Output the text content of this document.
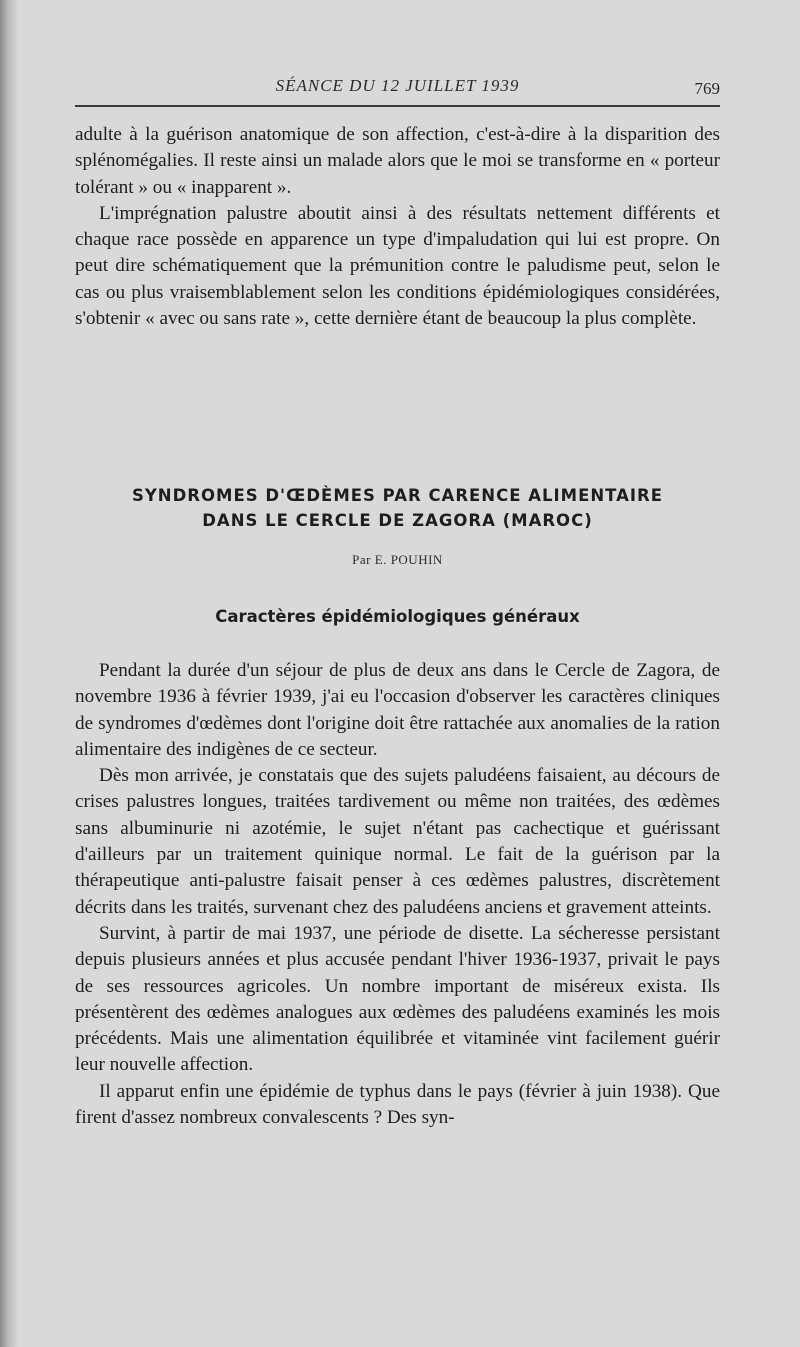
SÉANCE DU 12 JUILLET 1939	769

adulte à la guérison anatomique de son affection, c'est-à-dire à la disparition des splénomégalies. Il reste ainsi un malade alors que le moi se transforme en « porteur tolérant » ou « inapparent ».

L'imprégnation palustre aboutit ainsi à des résultats nettement différents et chaque race possède en apparence un type d'impaludation qui lui est propre. On peut dire schématiquement que la prémunition contre le paludisme peut, selon le cas ou plus vraisemblablement selon les conditions épidémiologiques considérées, s'obtenir « avec ou sans rate », cette dernière étant de beaucoup la plus complète.

SYNDROMES D'ŒDÈMES PAR CARENCE ALIMENTAIRE
DANS LE CERCLE DE ZAGORA (MAROC)
Par E. POUHIN
Caractères épidémiologiques généraux

Pendant la durée d'un séjour de plus de deux ans dans le Cercle de Zagora, de novembre 1936 à février 1939, j'ai eu l'occasion d'observer les caractères cliniques de syndromes d'œdèmes dont l'origine doit être rattachée aux anomalies de la ration alimentaire des indigènes de ce secteur.

Dès mon arrivée, je constatais que des sujets paludéens faisaient, au décours de crises palustres longues, traitées tardivement ou même non traitées, des œdèmes sans albuminurie ni azotémie, le sujet n'étant pas cachectique et guérissant d'ailleurs par un traitement quinique normal. Le fait de la guérison par la thérapeutique anti-palustre faisait penser à ces œdèmes palustres, discrètement décrits dans les traités, survenant chez des paludéens anciens et gravement atteints.

Survint, à partir de mai 1937, une période de disette. La sécheresse persistant depuis plusieurs années et plus accusée pendant l'hiver 1936-1937, privait le pays de ses ressources agricoles. Un nombre important de miséreux exista. Ils présentèrent des œdèmes analogues aux œdèmes des paludéens examinés les mois précédents. Mais une alimentation équilibrée et vitaminée vint facilement guérir leur nouvelle affection.

Il apparut enfin une épidémie de typhus dans le pays (février à juin 1938). Que firent d'assez nombreux convalescents ? Des syn-
